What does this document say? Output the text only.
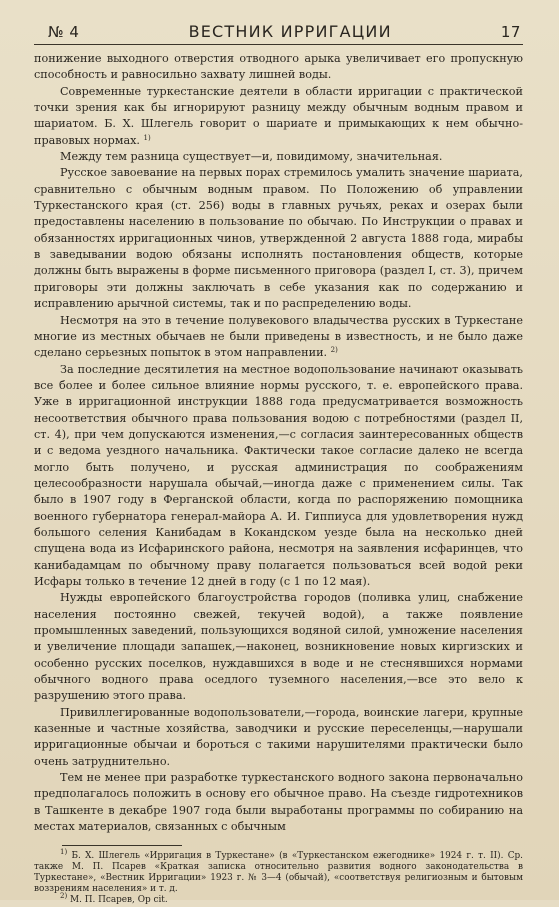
№ 4	ВЕСТНИК ИРРИГАЦИИ	17

понижение выходного отверстия отводного арыка увеличивает его пропускную способность и равносильно захвату лишней воды.

Современные туркестанские деятели в области ирригации с практической точки зрения как бы игнорируют разницу между обычным водным правом и шариатом. Б. Х. Шлегель говорит о шариате и примыкающих к нем обычно-правовых нормах. $^{1)}$

Между тем разница существует—и, повидимому, значительная.

Русское завоевание на первых порах стремилось умалить значение шариата, сравнительно с обычным водным правом. По Положению об управлении Туркестанского края (ст. 256) воды в главных ручьях, реках и озерах были предоставлены населению в пользование по обычаю. По Инструкции о правах и обязанностях ирригационных чинов, утвержденной 2 августа 1888 года, мирабы в заведывании водою обязаны исполнять постановления обществ, которые должны быть выражены в форме письменного приговора (раздел I, ст. 3), причем приговоры эти должны заключать в себе указания как по содержанию и исправлению арычной системы, так и по распределению воды.

Несмотря на это в течение полувекового владычества русских в Туркестане многие из местных обычаев не были приведены в известность, и не было даже сделано серьезных попыток в этом направлении. $^{2)}$

За последние десятилетия на местное водопользование начинают оказывать все более и более сильное влияние нормы русского, т. е. европейского права. Уже в ирригационной инструкции 1888 года предусматривается возможность несоответствия обычного права пользования водою с потребностями (раздел II, ст. 4), при чем допускаются изменения,—с согласия заинтересованных обществ и с ведома уездного начальника. Фактически такое согласие далеко не всегда могло быть получено, и русская администрация по соображениям целесообразности нарушала обычай,—иногда даже с применением силы. Так было в 1907 году в Ферганской области, когда по распоряжению помощника военного губернатора генерал-майора А. И. Гиппиуса для удовлетворения нужд большого селения Канибадам в Кокандском уезде была на несколько дней спущена вода из Исфаринского района, несмотря на заявления исфаринцев, что канибадамцам по обычному праву полагается пользоваться всей водой реки Исфары только в течение 12 дней в году (с 1 по 12 мая).

Нужды европейского благоустройства городов (поливка улиц, снабжение населения постоянно свежей, текучей водой), а также появление промышленных заведений, пользующихся водяной силой, умножение населения и увеличение площади запашек,—наконец, возникновение новых киргизских и особенно русских поселков, нуждавшихся в воде и не стеснявшихся нормами обычного водного права оседлого туземного населения,—все это вело к разрушению этого права.

Привиллегированные водопользователи,—города, воинские лагери, крупные казенные и частные хозяйства, заводчики и русские переселенцы,—нарушали ирригационные обычаи и бороться с такими нарушителями практически было очень затруднительно.

Тем не менее при разработке туркестанского водного закона первоначально предполагалось положить в основу его обычное право. На съезде гидротехников в Ташкенте в декабре 1907 года были выработаны программы по собиранию на местах материалов, связанных с обычным

$^{1)}$ Б. Х. Шлегель «Ирригация в Туркестане» (в «Туркестанском ежегоднике» 1924 г. т. II). Ср. также М. П. Псарев «Краткая записка относительно развития водного законодательства в Туркестане», «Вестник Ирригации» 1923 г. № 3—4 (обычай), «соответствуя религиозным и бытовым воззрениям населения» и т. д.

$^{2)}$ М. П. Псарев, Op cit.
